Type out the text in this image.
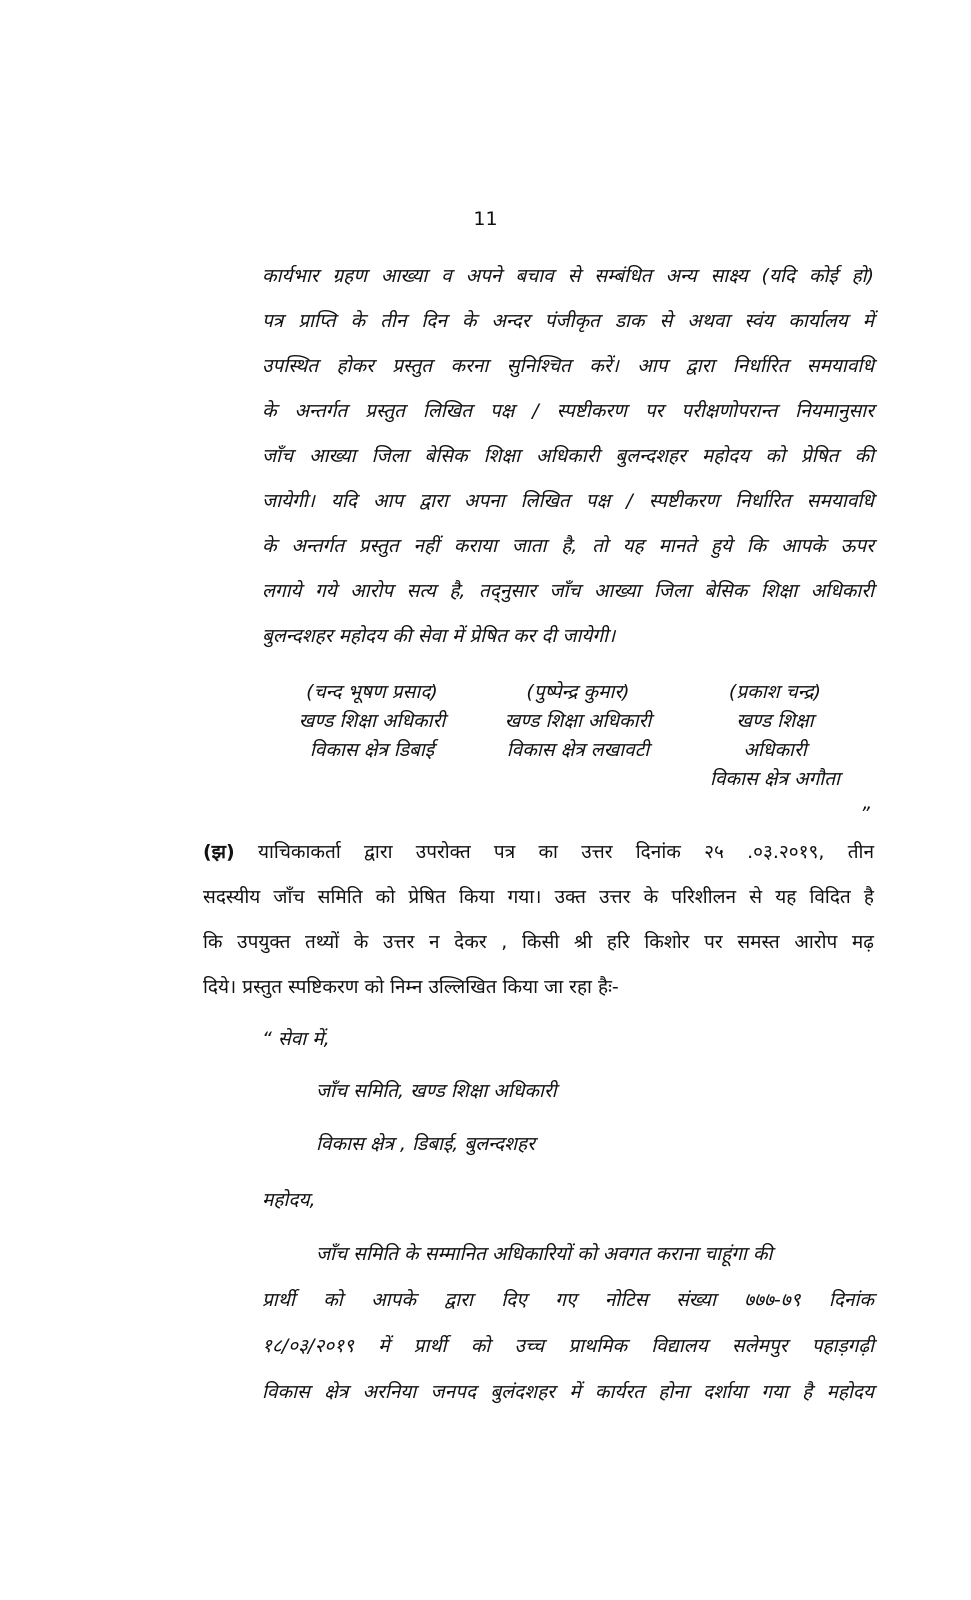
11
कार्यभार ग्रहण आख्या व अपने बचाव से सम्बंधित अन्य साक्ष्य (यदि कोई हो)
पत्र प्राप्ति के तीन दिन के अन्दर पंजीकृत डाक से अथवा स्वंय कार्यालय में
उपस्थित होकर प्रस्तुत करना सुनिश्चित करें। आप द्वारा निर्धारित समयावधि
के अन्तर्गत प्रस्तुत लिखित पक्ष / स्पष्टीकरण पर परीक्षणोपरान्त नियमानुसार
जाँच आख्या जिला बेसिक शिक्षा अधिकारी बुलन्दशहर महोदय को प्रेषित की
जायेगी। यदि आप द्वारा अपना लिखित पक्ष / स्पष्टीकरण निर्धारित समयावधि
के अन्तर्गत प्रस्तुत नहीं कराया जाता है, तो यह मानते हुये कि आपके ऊपर
लगाये गये आरोप सत्य है, तद्नुसार जाँच आख्या जिला बेसिक शिक्षा अधिकारी
बुलन्दशहर महोदय की सेवा में प्रेषित कर दी जायेगी।
(चन्द भूषण प्रसाद)
खण्ड शिक्षा अधिकारी
विकास क्षेत्र डिबाई
(पुष्पेन्द्र कुमार)
खण्ड शिक्षा अधिकारी
विकास क्षेत्र लखावटी
(प्रकाश चन्द्र)
खण्ड शिक्षा
अधिकारी
विकास क्षेत्र अगौता
”
(झ) याचिकाकर्ता द्वारा उपरोक्त पत्र का उत्तर दिनांक २५ .०३.२०१९, तीन
सदस्यीय जाँच समिति को प्रेषित किया गया। उक्त उत्तर के परिशीलन से यह विदित है
कि उपयुक्त तथ्यों के उत्तर न देकर , किसी श्री हरि किशोर पर समस्त आरोप मढ़
दिये। प्रस्तुत स्पष्टिकरण को निम्न उल्लिखित किया जा रहा हैः-
“ सेवा में,
जाँच समिति, खण्ड शिक्षा अधिकारी
विकास क्षेत्र , डिबाई, बुलन्दशहर
महोदय,
जाँच समिति के सम्मानित अधिकारियों को अवगत कराना चाहूंगा की
प्रार्थी को आपके द्वारा दिए गए नोटिस संख्या ७७७-७९ दिनांक
१८/०३/२०१९ में प्रार्थी को उच्च प्राथमिक विद्यालय सलेमपुर पहाड़गढ़ी
विकास क्षेत्र अरनिया जनपद बुलंदशहर में कार्यरत होना दर्शाया गया है महोदय
